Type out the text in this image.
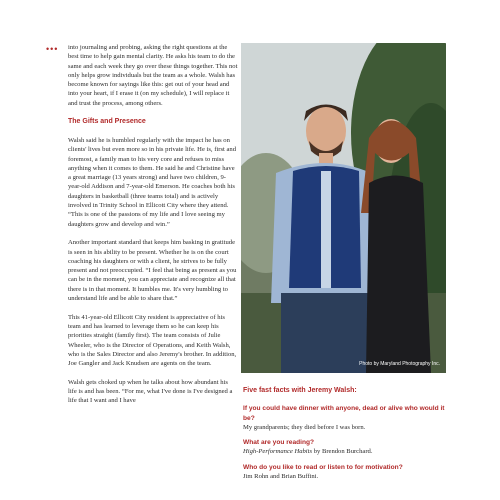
••• into journaling and probing, asking the right questions at the best time to help gain mental clarity. He asks his team to do the same and each week they go over these things together. This not only helps grow individuals but the team as a whole. Walsh has become known for sayings like this: get out of your head and into your heart, if I erase it (on my schedule), I will replace it and trust the process, among others.

The Gifts and Presence

Walsh said he is humbled regularly with the impact he has on clients' lives but even more so in his private life. He is, first and foremost, a family man to his very core and refuses to miss anything when it comes to them. He said he and Christine have a great marriage (13 years strong) and have two children, 9-year-old Addison and 7-year-old Emerson. He coaches both his daughters in basketball (three teams total) and is actively involved in Trinity School in Ellicott City where they attend. “This is one of the passions of my life and I love seeing my daughters grow and develop and win.”

Another important standard that keeps him basking in gratitude is seen in his ability to be present. Whether he is on the court coaching his daughters or with a client, he strives to be fully present and not preoccupied. “I feel that being as present as you can be in the moment, you can appreciate and recognize all that there is in that moment. It humbles me. It's very humbling to understand life and be able to share that.”

This 41-year-old Ellicott City resident is appreciative of his team and has learned to leverage them so he can keep his priorities straight (family first). The team consists of Julie Wheeler, who is the Director of Operations, and Keith Walsh, who is the Sales Director and also Jeremy's brother. In addition, Joe Gangler and Jack Knudsen are agents on the team.

Walsh gets choked up when he talks about how abundant his life is and has been. “For me, what I've done is I've designed a life that I want and I have

Photo by Maryland Photography Inc.

Five fast facts with Jeremy Walsh:

If you could have dinner with anyone, dead or alive who would it be?

My grandparents; they died before I was born.

What are you reading?

High-Performance Habits by Brendon Burchard.

Who do you like to read or listen to for motivation?

Jim Rohn and Brian Buffini.
